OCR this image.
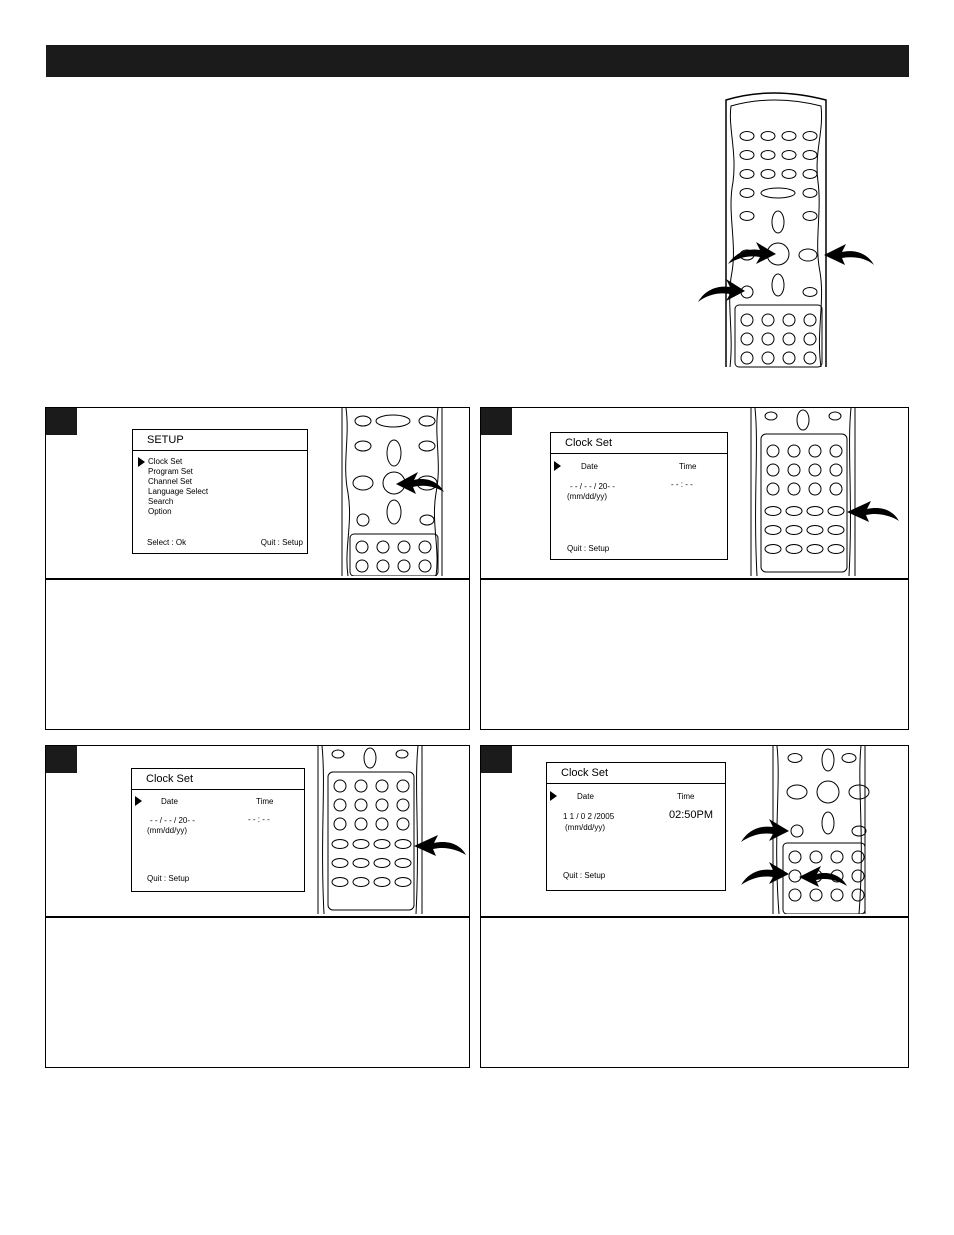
SETUP
Clock Set
Program Set
Channel Set
Language Select
Search
Option
Select : Ok	Quit : Setup
Clock Set
Date	Time
- - / - - / 20- -	- - : - -
(mm/dd/yy)
Quit : Setup
Clock Set
Date	Time
- - / - - / 20- -	- - : - -
(mm/dd/yy)
Quit : Setup
Clock Set
Date	Time
1 1 / 0 2 /2005	02:50PM
(mm/dd/yy)
Quit : Setup
